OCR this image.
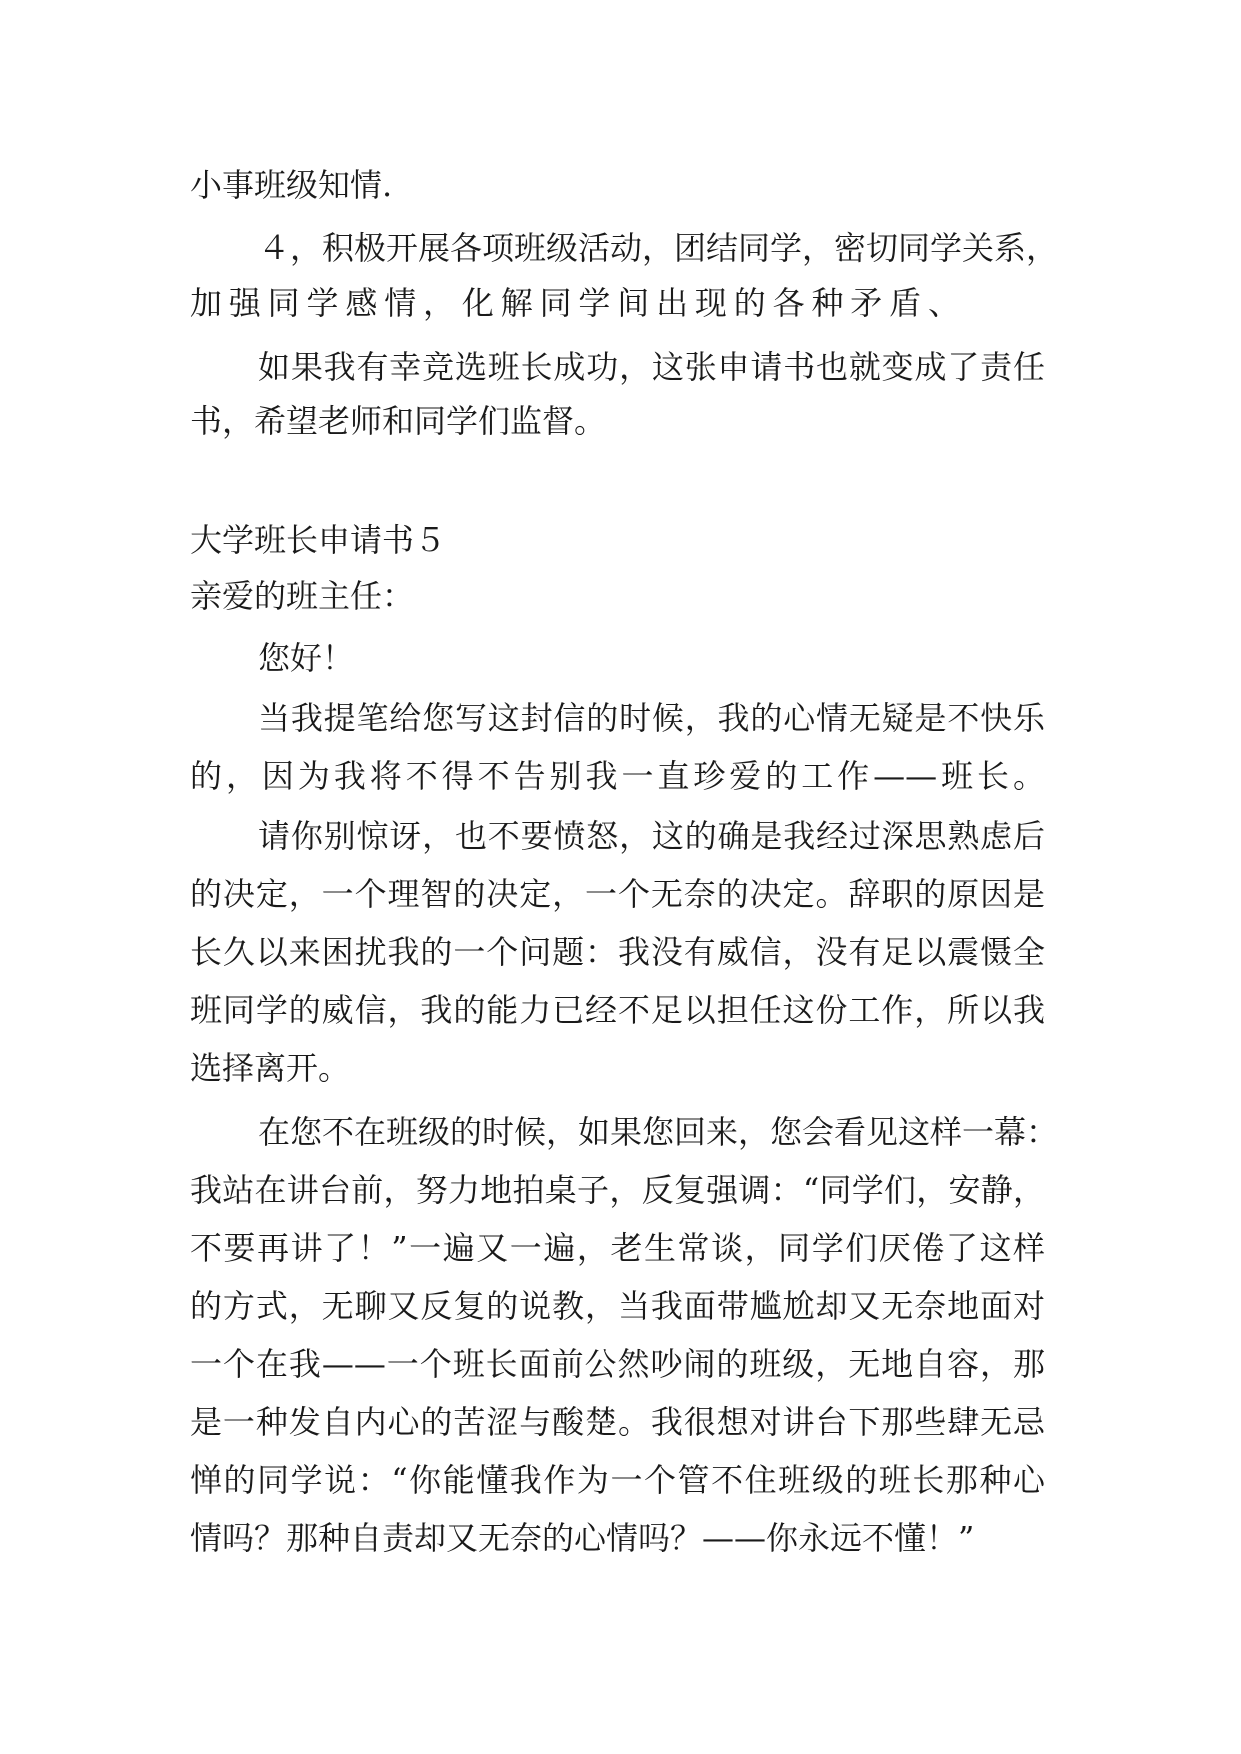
小事班级知情.
４，积极开展各项班级活动，团结同学，密切同学关系，
加强同学感情，化解同学间出现的各种矛盾、
如果我有幸竞选班长成功，这张申请书也就变成了责任
书，希望老师和同学们监督。
大学班长申请书５
亲爱的班主任：
您好！
当我提笔给您写这封信的时候，我的心情无疑是不快乐
的，因为我将不得不告别我一直珍爱的工作——班长。
请你别惊讶，也不要愤怒，这的确是我经过深思熟虑后
的决定，一个理智的决定，一个无奈的决定。辞职的原因是
长久以来困扰我的一个问题：我没有威信，没有足以震慑全
班同学的威信，我的能力已经不足以担任这份工作，所以我
选择离开。
在您不在班级的时候，如果您回来，您会看见这样一幕：
我站在讲台前，努力地拍桌子，反复强调：“同学们，安静，
不要再讲了！”一遍又一遍，老生常谈，同学们厌倦了这样
的方式，无聊又反复的说教，当我面带尴尬却又无奈地面对
一个在我——一个班长面前公然吵闹的班级，无地自容，那
是一种发自内心的苦涩与酸楚。我很想对讲台下那些肆无忌
惮的同学说：“你能懂我作为一个管不住班级的班长那种心
情吗？那种自责却又无奈的心情吗？——你永远不懂！”
